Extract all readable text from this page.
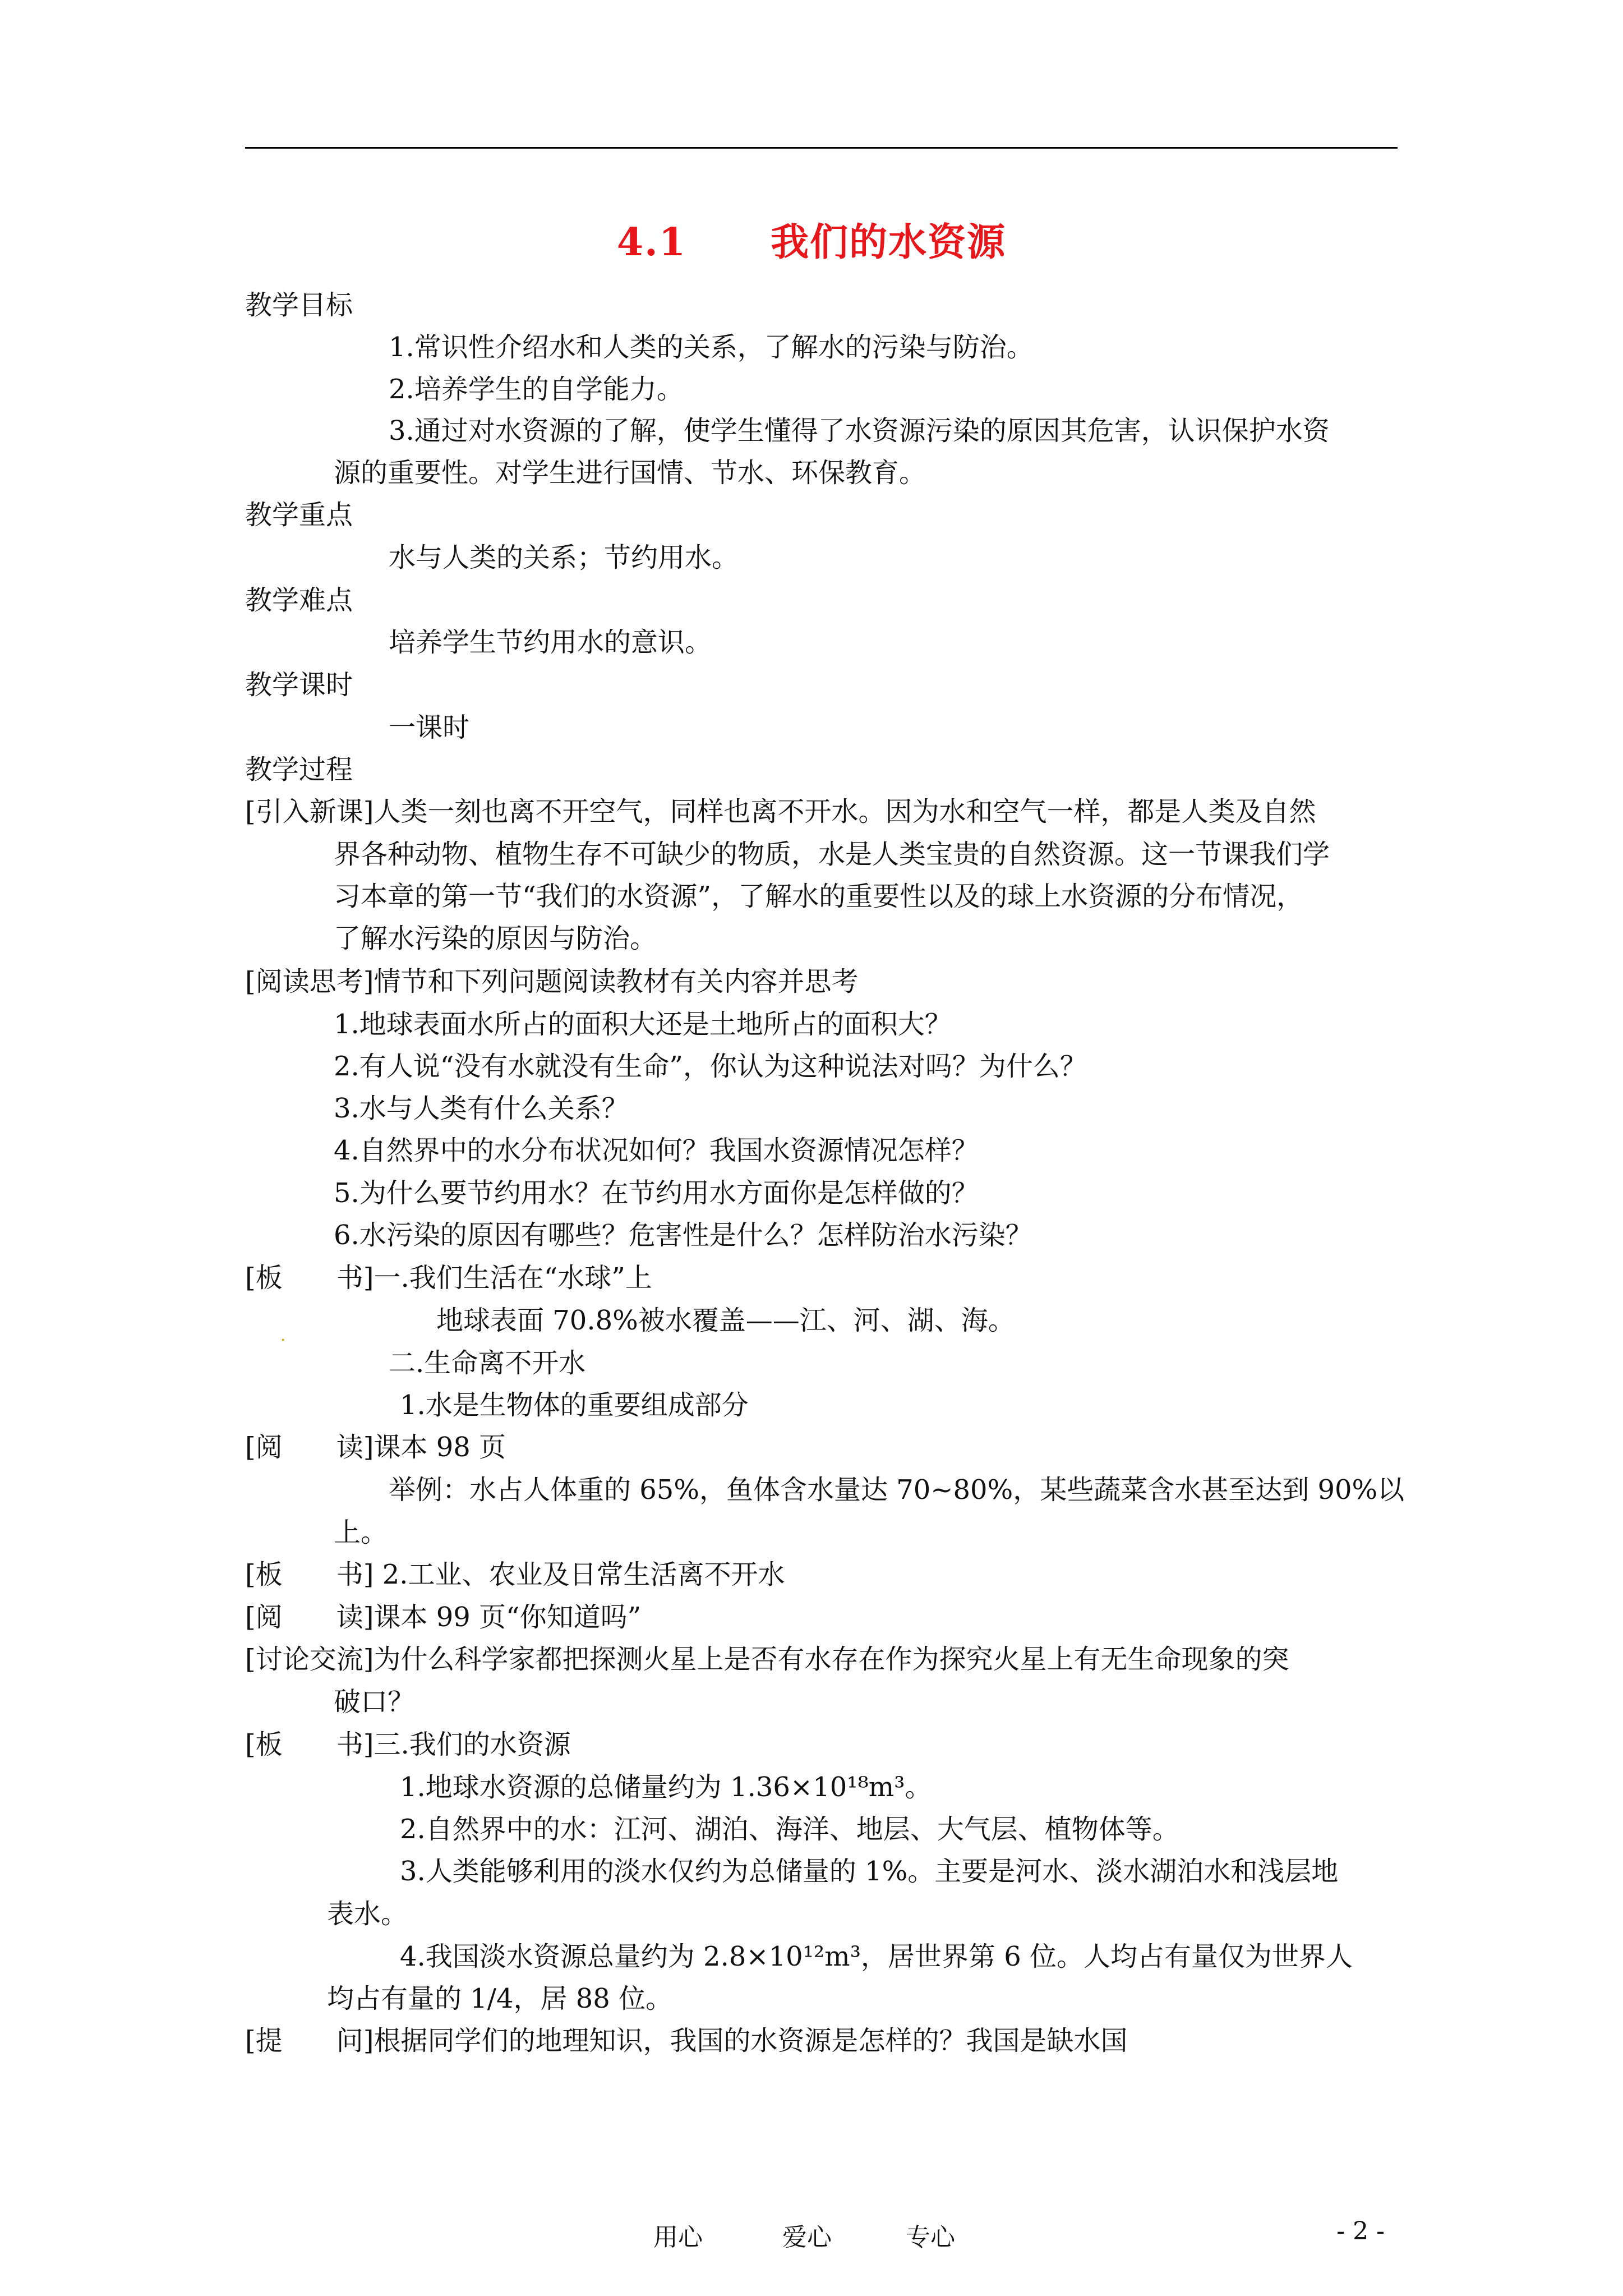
4.1 我们的水资源
教学目标
1.常识性介绍水和人类的关系，了解水的污染与防治。
2.培养学生的自学能力。
3.通过对水资源的了解，使学生懂得了水资源污染的原因其危害，认识保护水资
源的重要性。对学生进行国情、节水、环保教育。
教学重点
水与人类的关系；节约用水。
教学难点
培养学生节约用水的意识。
教学课时
一课时
教学过程
[引入新课]人类一刻也离不开空气，同样也离不开水。因为水和空气一样，都是人类及自然
界各种动物、植物生存不可缺少的物质，水是人类宝贵的自然资源。这一节课我们学
习本章的第一节“我们的水资源”，了解水的重要性以及的球上水资源的分布情况，
了解水污染的原因与防治。
[阅读思考]情节和下列问题阅读教材有关内容并思考
1.地球表面水所占的面积大还是土地所占的面积大？
2.有人说“没有水就没有生命”，你认为这种说法对吗？为什么？
3.水与人类有什么关系？
4.自然界中的水分布状况如何？我国水资源情况怎样？
5.为什么要节约用水？在节约用水方面你是怎样做的？
6.水污染的原因有哪些？危害性是什么？怎样防治水污染？
[板　　书]一.我们生活在“水球”上
地球表面 70.8%被水覆盖——江、河、湖、海。
二.生命离不开水
1.水是生物体的重要组成部分
[阅　　读]课本 98 页
举例：水占人体重的 65%，鱼体含水量达 70~80%，某些蔬菜含水甚至达到 90%以
上。
[板　　书] 2.工业、农业及日常生活离不开水
[阅　　读]课本 99 页“你知道吗”
[讨论交流]为什么科学家都把探测火星上是否有水存在作为探究火星上有无生命现象的突
破口？
[板　　书]三.我们的水资源
1.地球水资源的总储量约为 1.36×10¹⁸m³。
2.自然界中的水：江河、湖泊、海洋、地层、大气层、植物体等。
3.人类能够利用的淡水仅约为总储量的 1%。主要是河水、淡水湖泊水和浅层地
表水。
4.我国淡水资源总量约为 2.8×10¹²m³，居世界第 6 位。人均占有量仅为世界人
均占有量的 1/4，居 88 位。
[提　　问]根据同学们的地理知识，我国的水资源是怎样的？我国是缺水国
·
用心	爱心	专心	- 2 -
